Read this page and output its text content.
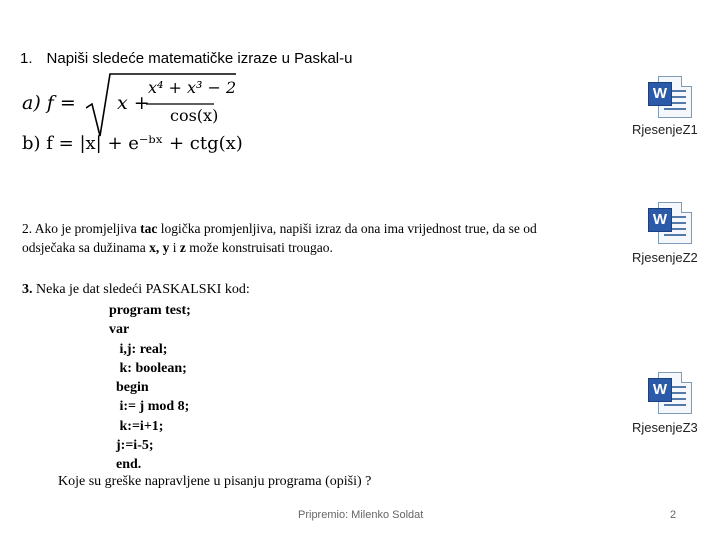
1. Napiši sledeće matematičke izraze u Paskal-u
a) f = x +
x⁴ + x³ − 2
cos(x)
b) f = |x| + e⁻ᵇˣ + ctg(x)
2. Ako je promjeljiva tac logička promjenljiva, napiši izraz da ona ima vrijednost true, da se od odsječaka sa dužinama x, y i z može konstruisati trougao.
3. Neka je dat sledeći PASKALSKI kod:
program test;
var
i,j: real;
k: boolean;
begin
i:= j mod 8;
k:=i+1;
j:=i-5;
end.
Koje su greške napravljene u pisanju programa (opiši) ?
W
RjesenjeZ1
W
RjesenjeZ2
W
RjesenjeZ3
Pripremio: Milenko Soldat	2
